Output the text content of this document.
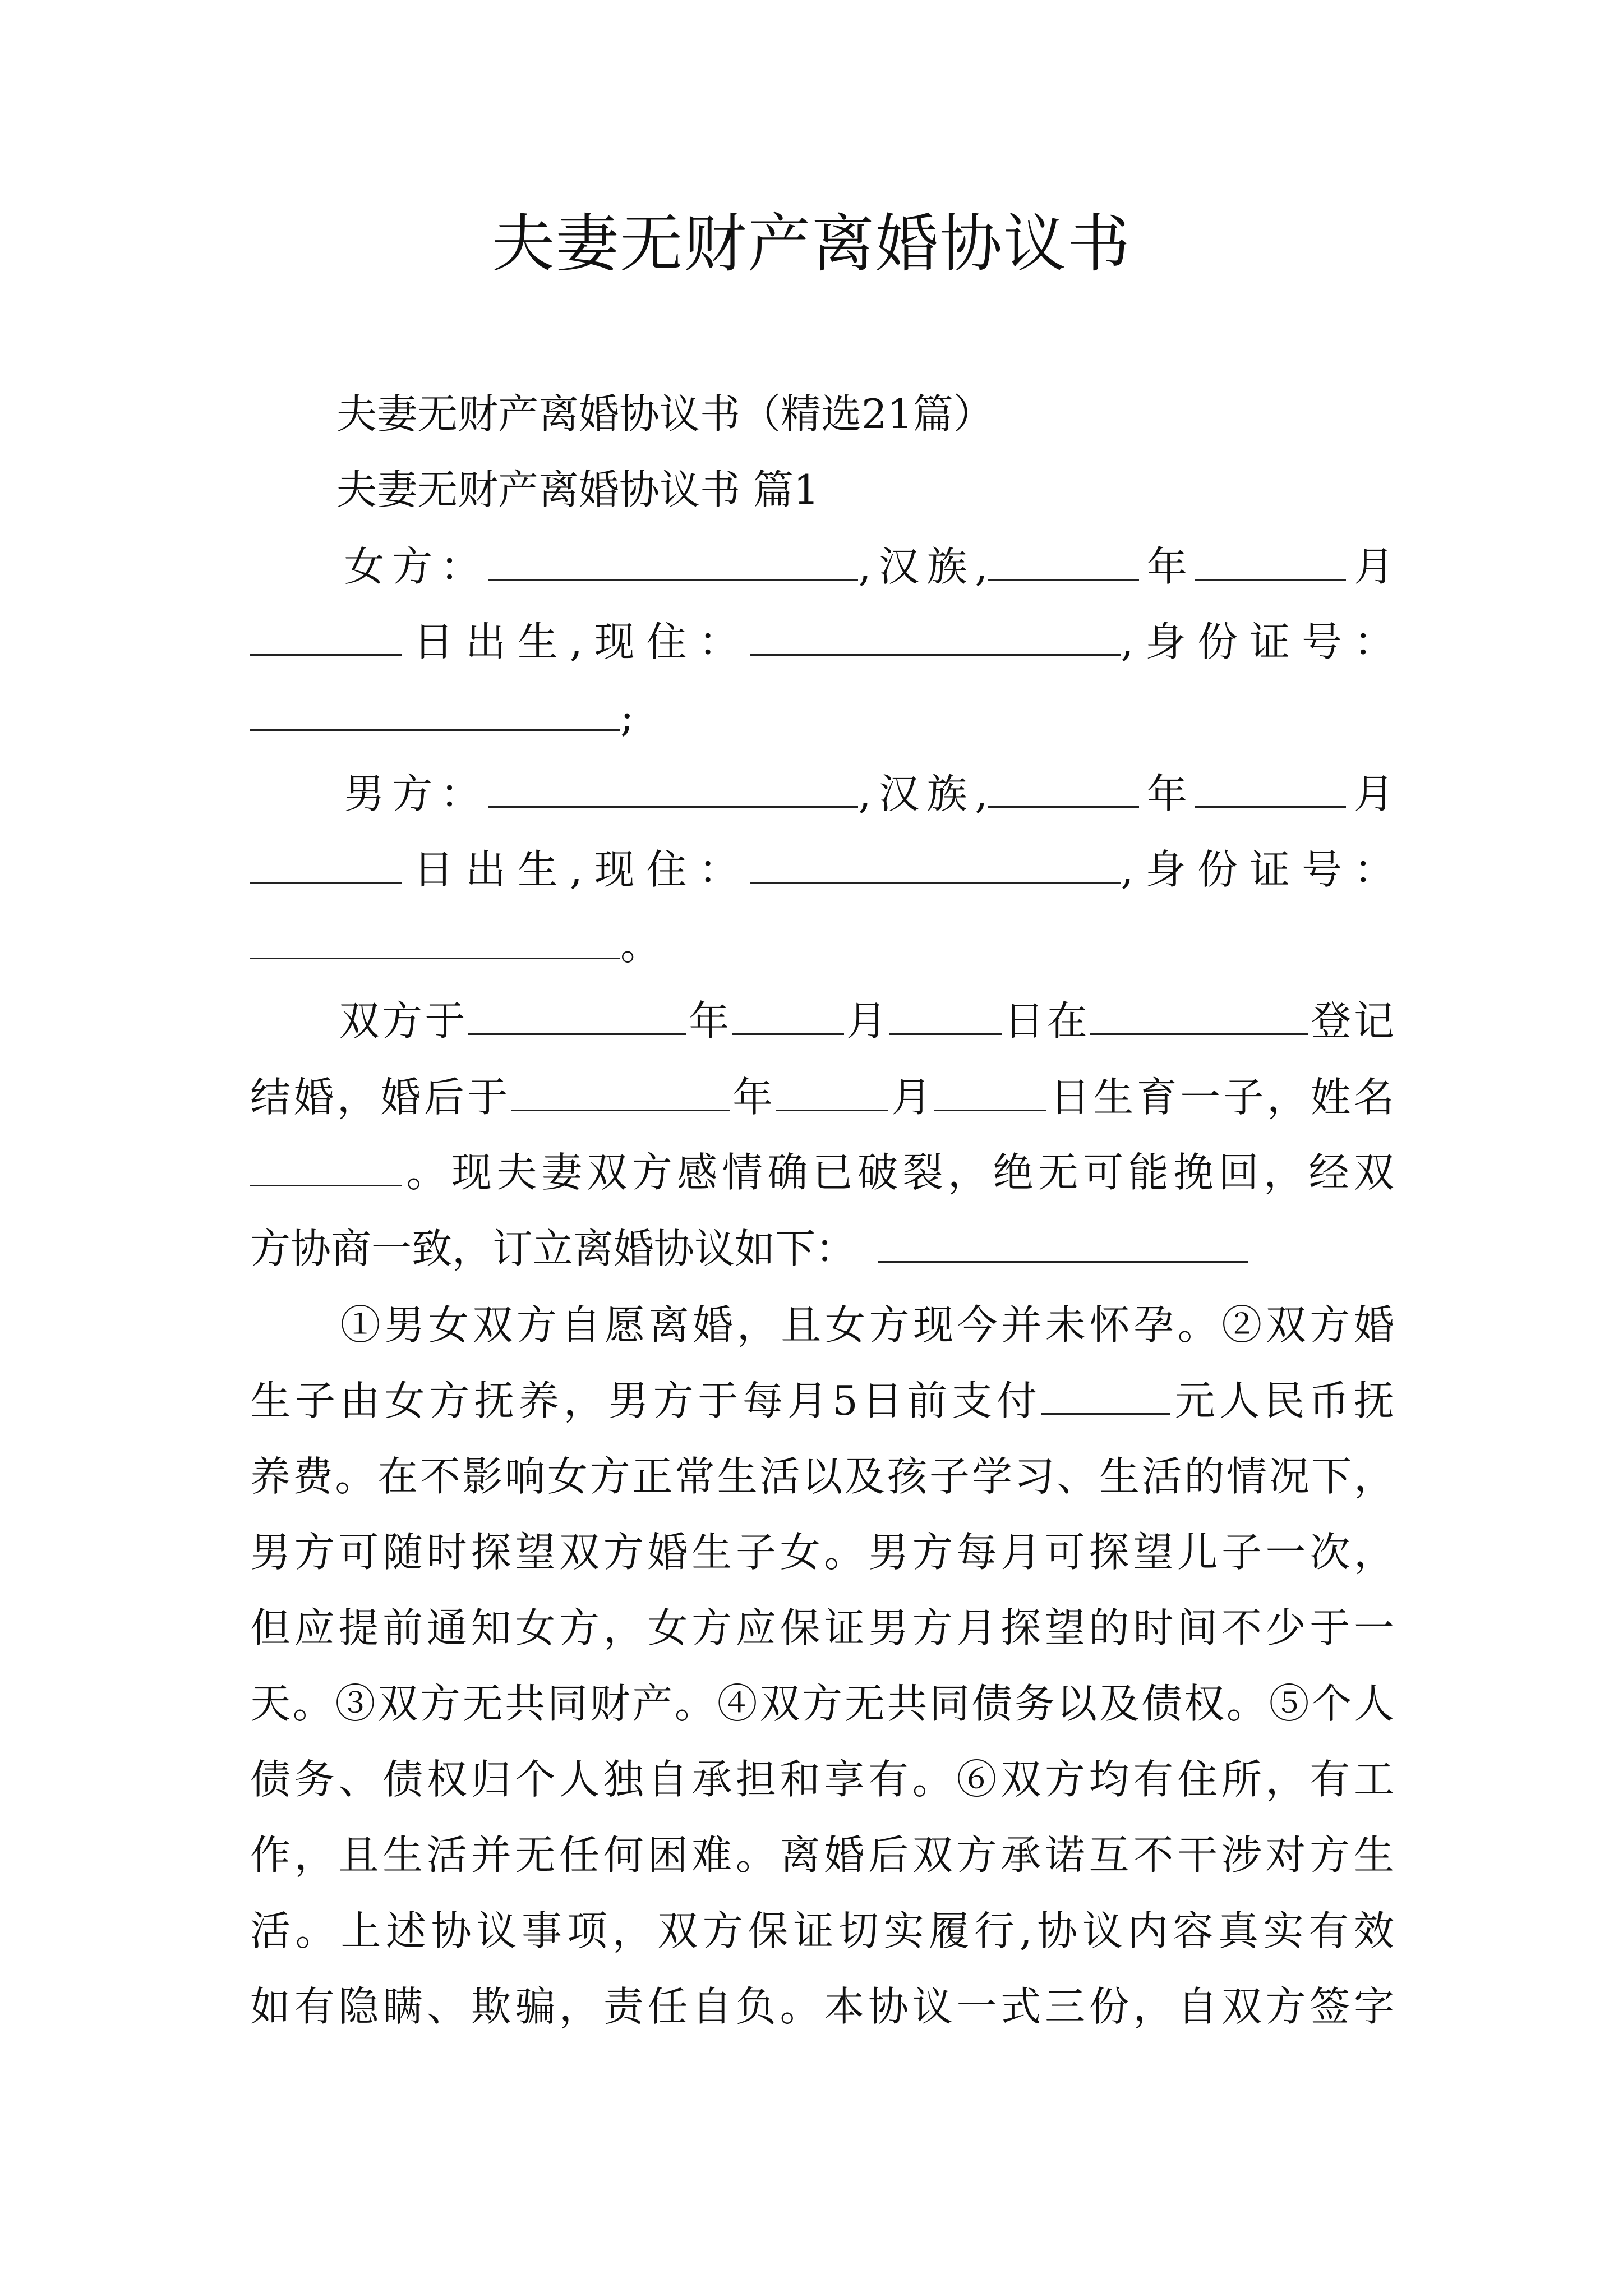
夫妻无财产离婚协议书
夫妻无财产离婚协议书（精选21篇）
夫妻无财产离婚协议书 篇1
女方：	,汉族,	年	月
日出生,现住：	,身份证号：
;
男方：	,汉族,	年	月
日出生,现住：	,身份证号：
。
双方于	年	月	日在	登记
结婚，婚后于	年	月	日生育一子，姓名
。现夫妻双方感情确已破裂，绝无可能挽回，经双
方协商一致，订立离婚协议如下：
①男女双方自愿离婚，且女方现今并未怀孕。②双方婚
生子由女方抚养，男方于每月5日前支付	元人民币抚
养费。在不影响女方正常生活以及孩子学习、生活的情况下，
男方可随时探望双方婚生子女。男方每月可探望儿子一次，
但应提前通知女方，女方应保证男方月探望的时间不少于一
天。③双方无共同财产。④双方无共同债务以及债权。⑤个人
债务、债权归个人独自承担和享有。⑥双方均有住所，有工
作，且生活并无任何困难。离婚后双方承诺互不干涉对方生
活。上述协议事项，双方保证切实履行,协议内容真实有效
如有隐瞒、欺骗，责任自负。本协议一式三份，自双方签字
